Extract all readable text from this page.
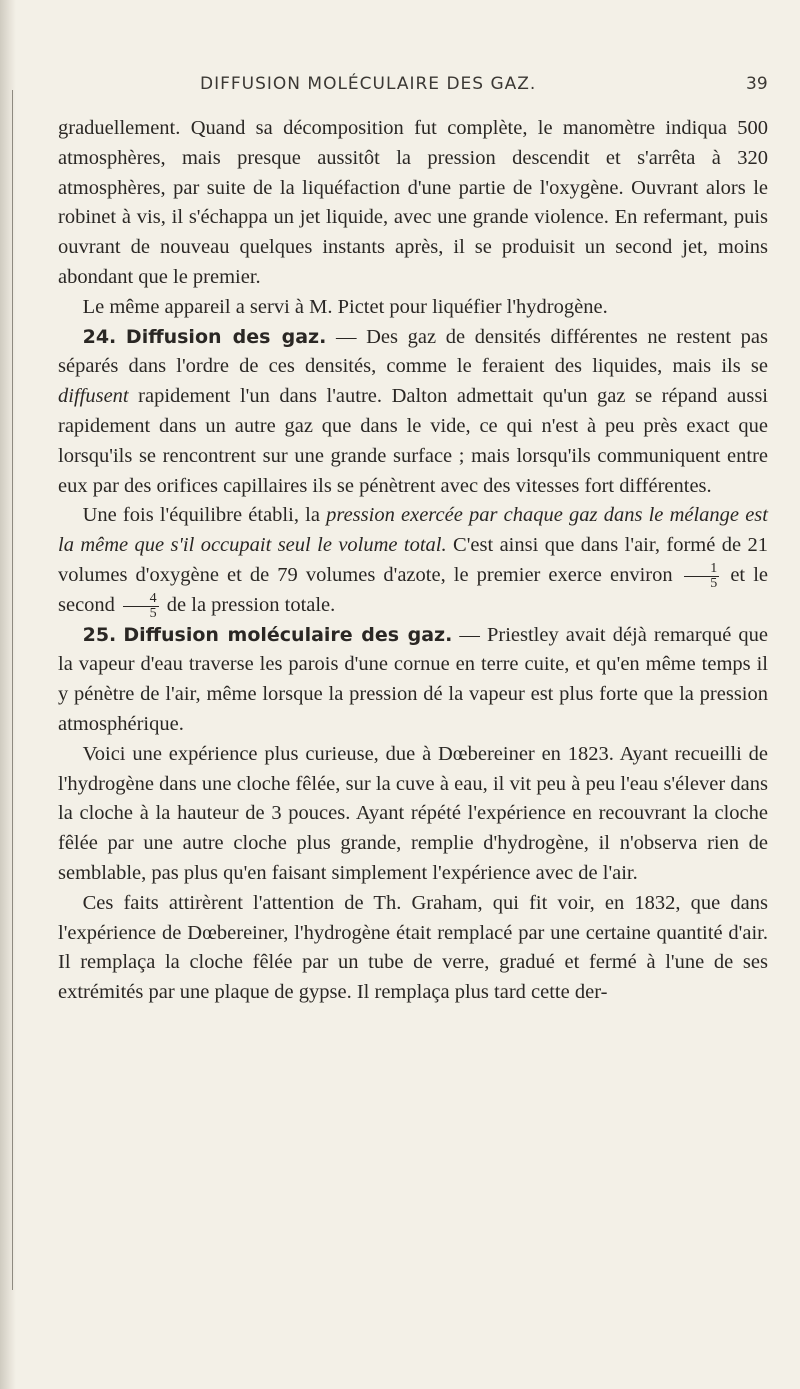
DIFFUSION MOLÉCULAIRE DES GAZ.	39

graduellement. Quand sa décomposition fut complète, le manomètre indiqua 500 atmosphères, mais presque aussitôt la pression descendit et s'arrêta à 320 atmosphères, par suite de la liquéfaction d'une partie de l'oxygène. Ouvrant alors le robinet à vis, il s'échappa un jet liquide, avec une grande violence. En refermant, puis ouvrant de nouveau quelques instants après, il se produisit un second jet, moins abondant que le premier.

Le même appareil a servi à M. Pictet pour liquéfier l'hydrogène.

24. Diffusion des gaz. — Des gaz de densités différentes ne restent pas séparés dans l'ordre de ces densités, comme le feraient des liquides, mais ils se diffusent rapidement l'un dans l'autre. Dalton admettait qu'un gaz se répand aussi rapidement dans un autre gaz que dans le vide, ce qui n'est à peu près exact que lorsqu'ils se rencontrent sur une grande surface ; mais lorsqu'ils communiquent entre eux par des orifices capillaires ils se pénètrent avec des vitesses fort différentes.

Une fois l'équilibre établi, la pression exercée par chaque gaz dans le mélange est la même que s'il occupait seul le volume total. C'est ainsi que dans l'air, formé de 21 volumes d'oxygène et de 79 volumes d'azote, le premier exerce environ $\frac{1}{5}$ et le second $\frac{4}{5}$ de la pression totale.

25. Diffusion moléculaire des gaz. — Priestley avait déjà remarqué que la vapeur d'eau traverse les parois d'une cornue en terre cuite, et qu'en même temps il y pénètre de l'air, même lorsque la pression dé la vapeur est plus forte que la pression atmosphérique.

Voici une expérience plus curieuse, due à Dœbereiner en 1823. Ayant recueilli de l'hydrogène dans une cloche fêlée, sur la cuve à eau, il vit peu à peu l'eau s'élever dans la cloche à la hauteur de 3 pouces. Ayant répété l'expérience en recouvrant la cloche fêlée par une autre cloche plus grande, remplie d'hydrogène, il n'observa rien de semblable, pas plus qu'en faisant simplement l'expérience avec de l'air.

Ces faits attirèrent l'attention de Th. Graham, qui fit voir, en 1832, que dans l'expérience de Dœbereiner, l'hydrogène était remplacé par une certaine quantité d'air. Il remplaça la cloche fêlée par un tube de verre, gradué et fermé à l'une de ses extrémités par une plaque de gypse. Il remplaça plus tard cette der-
